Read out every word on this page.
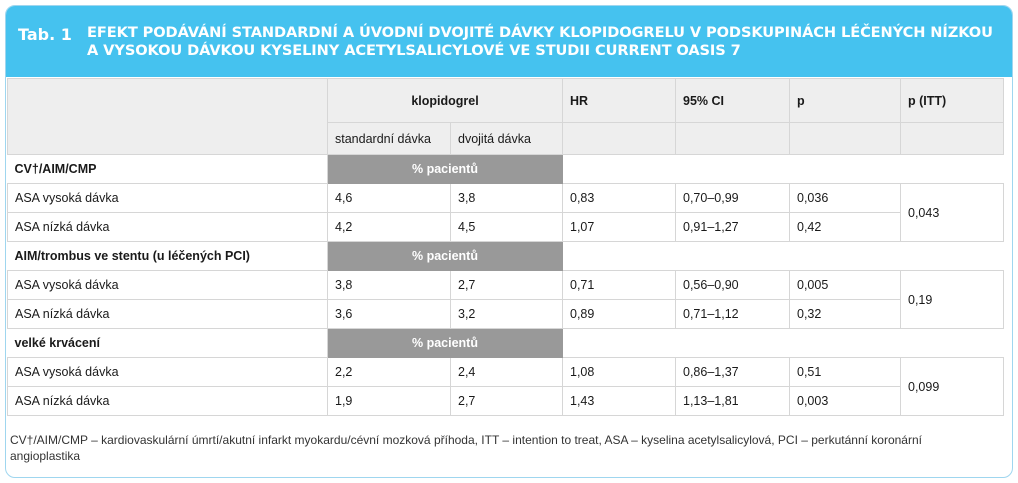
Tab. 1 EFEKT PODÁVÁNÍ STANDARDNÍ A ÚVODNÍ DVOJITÉ DÁVKY KLOPIDOGRELU V PODSKUPINÁCH LÉČENÝCH NÍZKOU A VYSOKOU DÁVKOU KYSELINY ACETYLSALICYLOVÉ VE STUDII CURRENT OASIS 7
	klopidogrel		HR	95% CI	p	p (ITT)
	standardní dávka	dvojitá dávka				
CV†/AIM/CMP	% pacientů					
ASA vysoká dávka	4,6	3,8	0,83	0,70–0,99	0,036	0,043
ASA nízká dávka	4,2	4,5	1,07	0,91–1,27	0,42	
AIM/trombus ve stentu (u léčených PCI)	% pacientů					
ASA vysoká dávka	3,8	2,7	0,71	0,56–0,90	0,005	0,19
ASA nízká dávka	3,6	3,2	0,89	0,71–1,12	0,32	
velké krvácení	% pacientů					
ASA vysoká dávka	2,2	2,4	1,08	0,86–1,37	0,51	0,099
ASA nízká dávka	1,9	2,7	1,43	1,13–1,81	0,003	
CV†/AIM/CMP – kardiovaskulární úmrtí/akutní infarkt myokardu/cévní mozková příhoda, ITT – intention to treat, ASA – kyselina acetylsalicylová, PCI – perkutánní koronární angioplastika
